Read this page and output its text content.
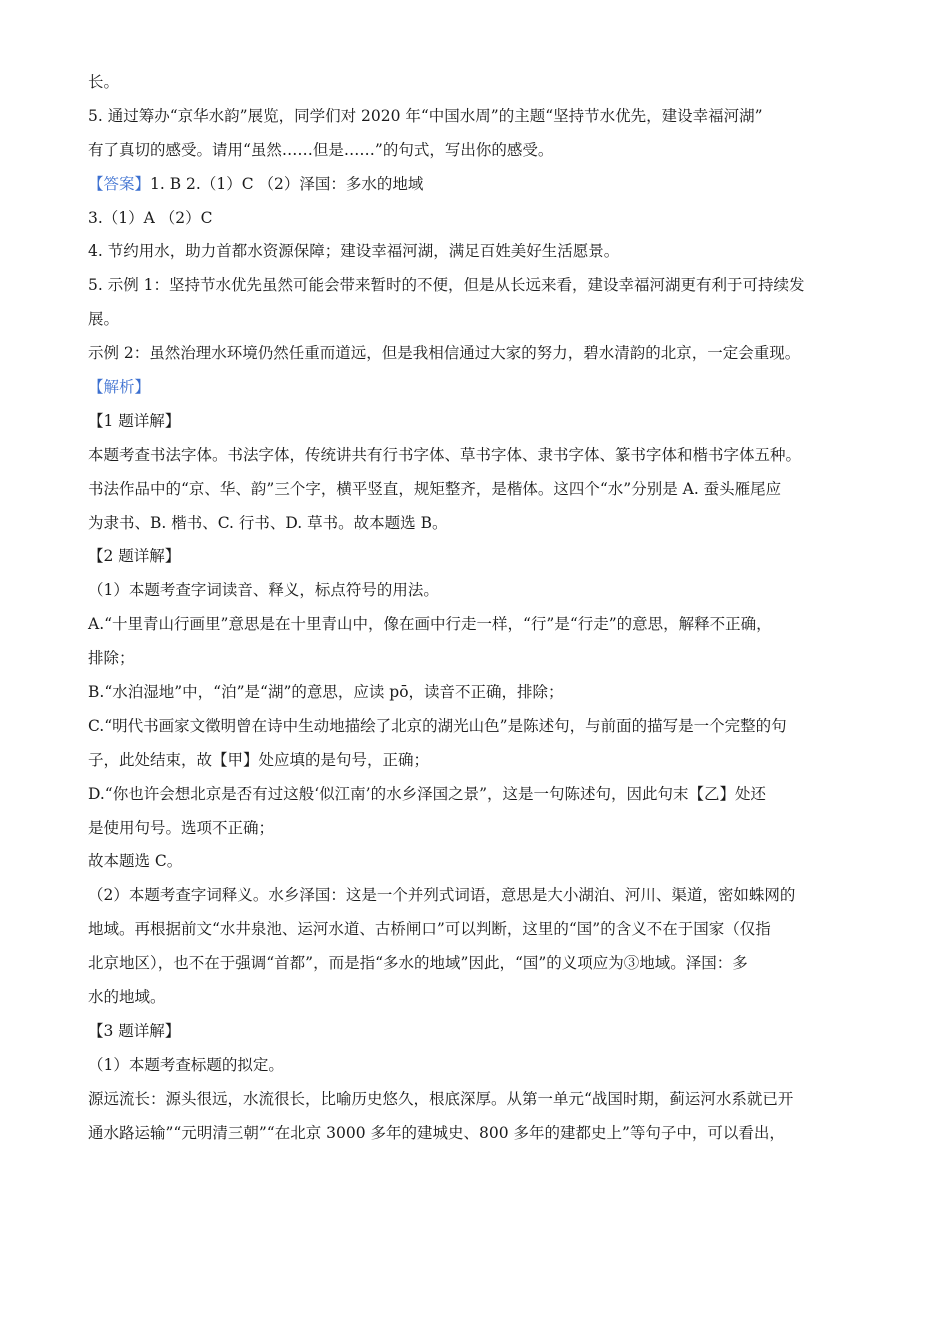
长。
5. 通过筹办“京华水韵”展览，同学们对 2020 年“中国水周”的主题“坚持节水优先，建设幸福河湖”
有了真切的感受。请用“虽然……但是……”的句式，写出你的感受。
【答案】1. B 2.（1）C （2）泽国：多水的地域
3.（1）A （2）C
4. 节约用水，助力首都水资源保障；建设幸福河湖，满足百姓美好生活愿景。
5. 示例 1：坚持节水优先虽然可能会带来暂时的不便，但是从长远来看，建设幸福河湖更有利于可持续发
展。
示例 2：虽然治理水环境仍然任重而道远，但是我相信通过大家的努力，碧水清韵的北京，一定会重现。
【解析】
【1 题详解】
本题考查书法字体。书法字体，传统讲共有行书字体、草书字体、隶书字体、篆书字体和楷书字体五种。
书法作品中的“京、华、韵”三个字，横平竖直，规矩整齐，是楷体。这四个“水”分别是 A. 蚕头雁尾应
为隶书、B. 楷书、C. 行书、D. 草书。故本题选 B。
【2 题详解】
（1）本题考查字词读音、释义，标点符号的用法。
A.“十里青山行画里”意思是在十里青山中，像在画中行走一样，“行”是“行走”的意思，解释不正确，
排除；
B.“水泊湿地”中，“泊”是“湖”的意思，应读 pō，读音不正确，排除；
C.“明代书画家文徵明曾在诗中生动地描绘了北京的湖光山色”是陈述句，与前面的描写是一个完整的句
子，此处结束，故【甲】处应填的是句号，正确；
D.“你也许会想北京是否有过这般‘似江南’的水乡泽国之景”，这是一句陈述句，因此句末【乙】处还
是使用句号。选项不正确；
故本题选 C。
（2）本题考查字词释义。水乡泽国：这是一个并列式词语，意思是大小湖泊、河川、渠道，密如蛛网的
地域。再根据前文“水井泉池、运河水道、古桥闸口”可以判断，这里的“国”的含义不在于国家（仅指
北京地区），也不在于强调“首都”，而是指“多水的地域”因此，“国”的义项应为③地域。泽国：多
水的地域。
【3 题详解】
（1）本题考查标题的拟定。
源远流长：源头很远，水流很长，比喻历史悠久，根底深厚。从第一单元“战国时期，蓟运河水系就已开
通水路运输”“元明清三朝”“在北京 3000 多年的建城史、800 多年的建都史上”等句子中，可以看出，
